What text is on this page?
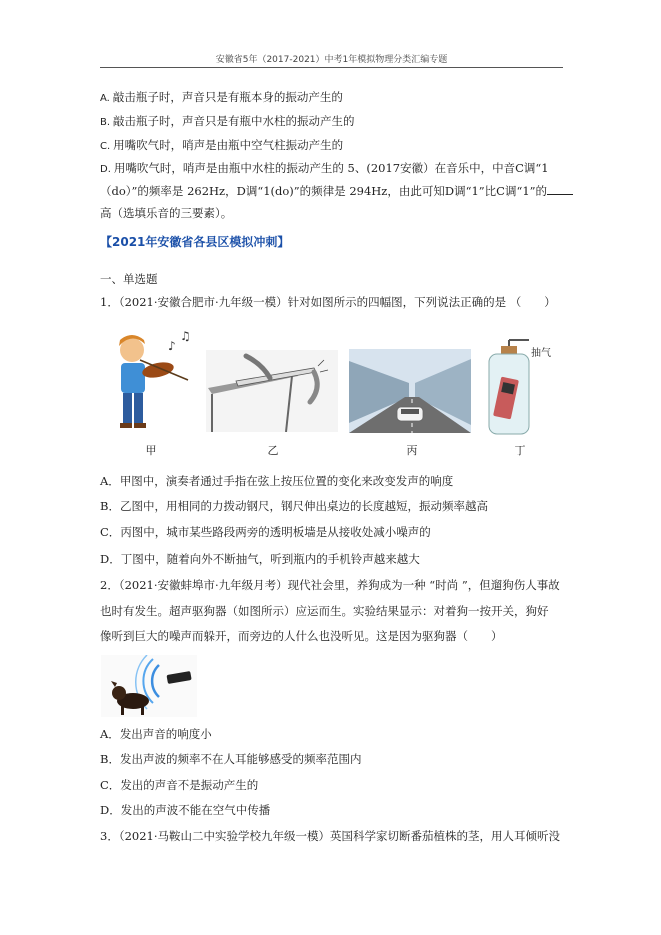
安徽省5年（2017-2021）中考1年模拟物理分类汇编专题
A. 敲击瓶子时，声音只是有瓶本身的振动产生的
B. 敲击瓶子时，声音只是有瓶中水柱的振动产生的
C. 用嘴吹气时，哨声是由瓶中空气柱振动产生的
D. 用嘴吹气时，哨声是由瓶中水柱的振动产生的 5、(2017安徽）在音乐中，中音C调“1
（do）”的频率是 262Hz，D调“1(do)”的频律是 294Hz，由此可知D调“1”比C调“1”的
高（选填乐音的三要素）。
【2021年安徽省各县区模拟冲刺】
一、单选题
1．（2021·安徽合肥市·九年级一模）针对如图所示的四幅图，下列说法正确的是 （　　）
♪
♫
抽气
甲	乙	丙	丁
A．甲图中，演奏者通过手指在弦上按压位置的变化来改变发声的响度
B．乙图中，用相同的力拨动钢尺，钢尺伸出桌边的长度越短，振动频率越高
C．丙图中，城市某些路段两旁的透明板墙是从接收处减小噪声的
D．丁图中，随着向外不断抽气，听到瓶内的手机铃声越来越大
2．（2021·安徽蚌埠市·九年级月考）现代社会里，养狗成为一种 “时尚 ”，但遛狗伤人事故
也时有发生。超声驱狗器（如图所示）应运而生。实验结果显示：对着狗一按开关，狗好
像听到巨大的噪声而躲开，而旁边的人什么也没听见。这是因为驱狗器（　　）
A．发出声音的响度小
B．发出声波的频率不在人耳能够感受的频率范围内
C．发出的声音不是振动产生的
D．发出的声波不能在空气中传播
3．（2021·马鞍山二中实验学校九年级一模）英国科学家切断番茄植株的茎，用人耳倾听没
